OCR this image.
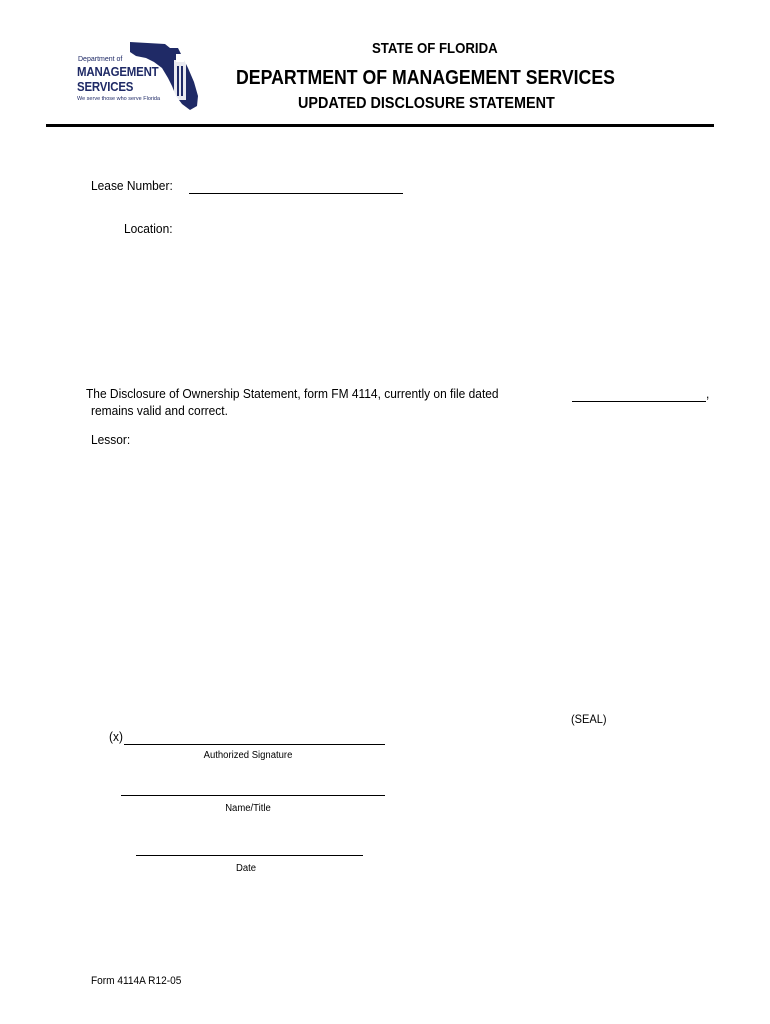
Department of
MANAGEMENT
SERVICES
We serve those who serve Florida
STATE OF FLORIDA
DEPARTMENT OF MANAGEMENT SERVICES
UPDATED DISCLOSURE STATEMENT
Lease Number:
Location:
The Disclosure of Ownership Statement, form FM 4114, currently on file dated	,
remains valid and correct.
Lessor:
(SEAL)
(x)
Authorized Signature
Name/Title
Date
Form 4114A R12-05
